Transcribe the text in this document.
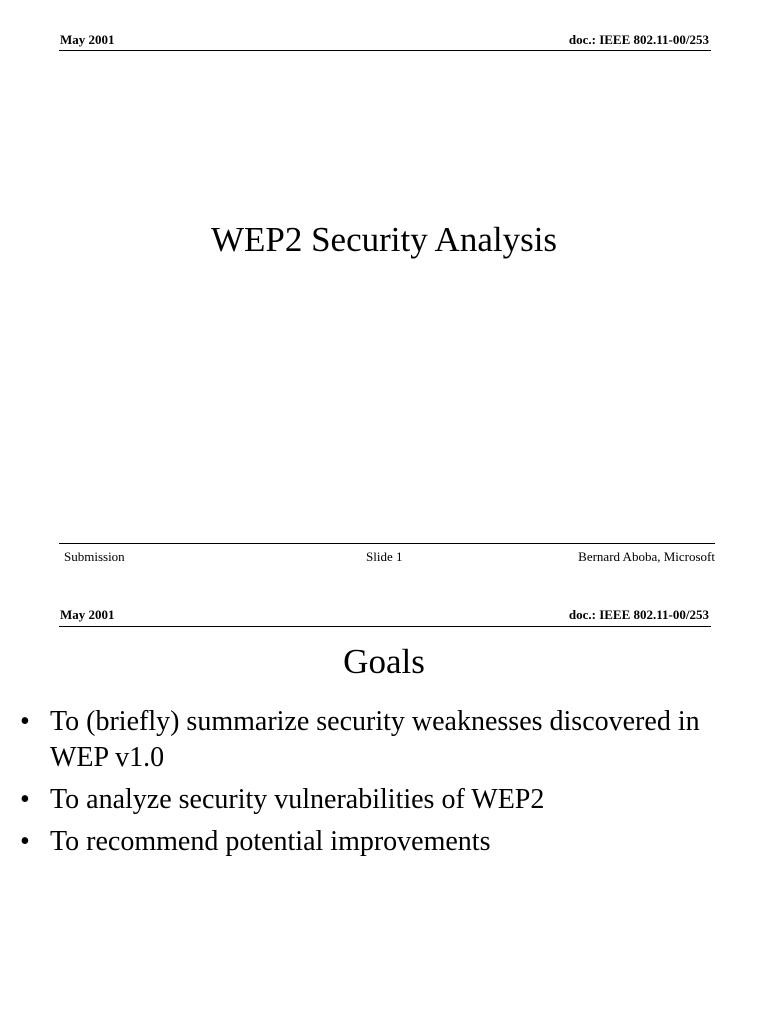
May 2001	doc.: IEEE 802.11-00/253
WEP2 Security Analysis
Submission	Slide 1	Bernard Aboba, Microsoft
May 2001	doc.: IEEE 802.11-00/253
Goals
• To (briefly) summarize security weaknesses discovered in WEP v1.0
• To analyze security vulnerabilities of WEP2
• To recommend potential improvements
